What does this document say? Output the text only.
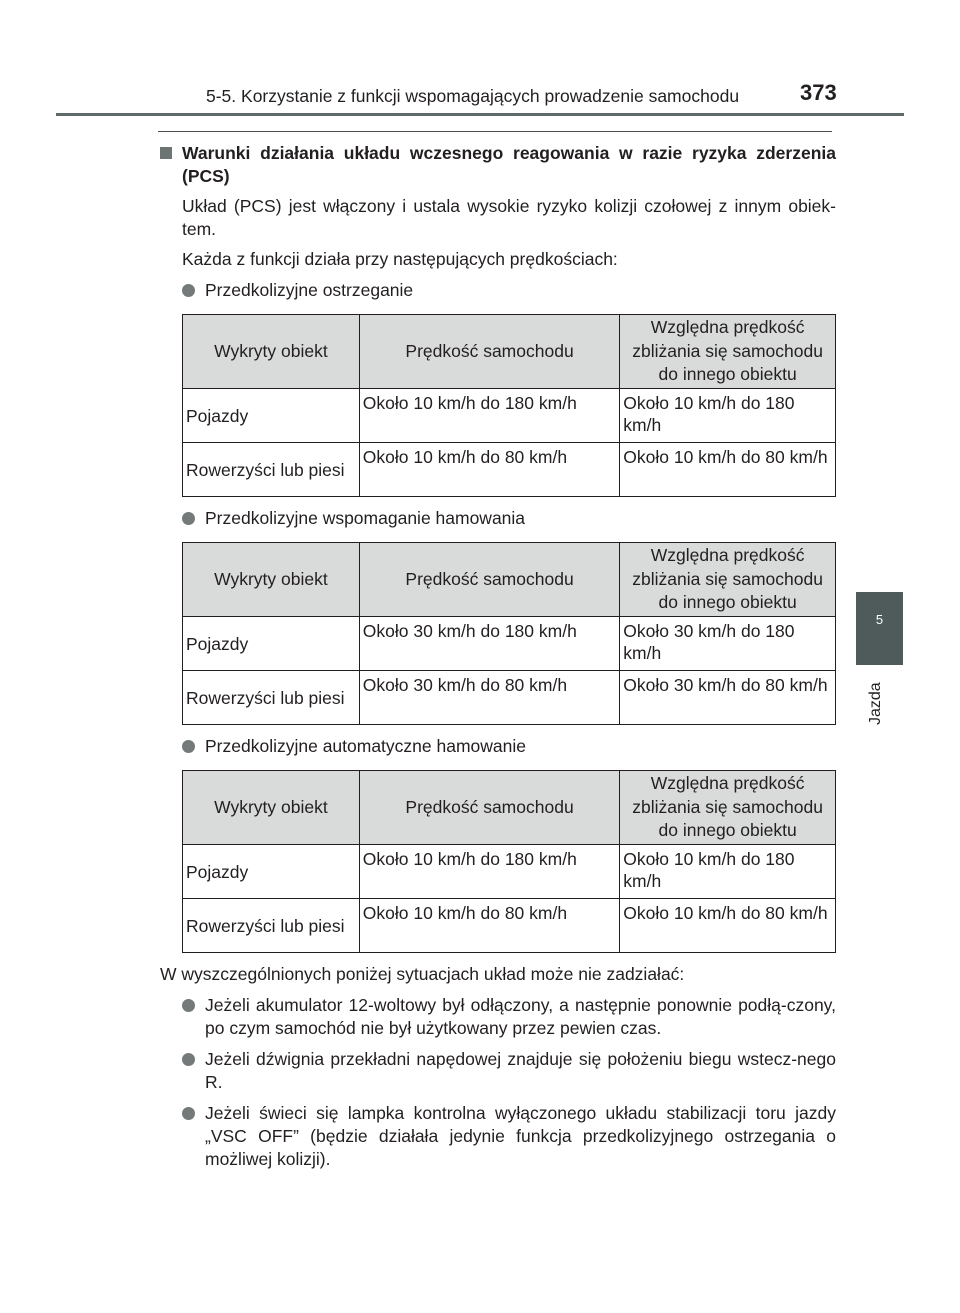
5-5. Korzystanie z funkcji wspomagających prowadzenie samochodu	373
5
Jazda

Warunki działania układu wczesnego reagowania w razie ryzyka zderzenia (PCS)

Układ (PCS) jest włączony i ustala wysokie ryzyko kolizji czołowej z innym obiek-tem.

Każda z funkcji działa przy następujących prędkościach:

Przedkolizyjne ostrzeganie
Wykryty obiekt	Prędkość samochodu	Względna prędkość zbliżania się samochodu do innego obiektu
Pojazdy	Około 10 km/h do 180 km/h	Około 10 km/h do 180 km/h
Rowerzyści lub piesi	Około 10 km/h do 80 km/h	Około 10 km/h do 80 km/h
Przedkolizyjne wspomaganie hamowania
Wykryty obiekt	Prędkość samochodu	Względna prędkość zbliżania się samochodu do innego obiektu
Pojazdy	Około 30 km/h do 180 km/h	Około 30 km/h do 180 km/h
Rowerzyści lub piesi	Około 30 km/h do 80 km/h	Około 30 km/h do 80 km/h
Przedkolizyjne automatyczne hamowanie
Wykryty obiekt	Prędkość samochodu	Względna prędkość zbliżania się samochodu do innego obiektu
Pojazdy	Około 10 km/h do 180 km/h	Około 10 km/h do 180 km/h
Rowerzyści lub piesi	Około 10 km/h do 80 km/h	Około 10 km/h do 80 km/h
W wyszczególnionych poniżej sytuacjach układ może nie zadziałać:
Jeżeli akumulator 12-woltowy był odłączony, a następnie ponownie podłą-czony, po czym samochód nie był użytkowany przez pewien czas.
Jeżeli dźwignia przekładni napędowej znajduje się położeniu biegu wstecz-nego R.
Jeżeli świeci się lampka kontrolna wyłączonego układu stabilizacji toru jazdy „VSC OFF” (będzie działała jedynie funkcja przedkolizyjnego ostrzegania o możliwej kolizji).
